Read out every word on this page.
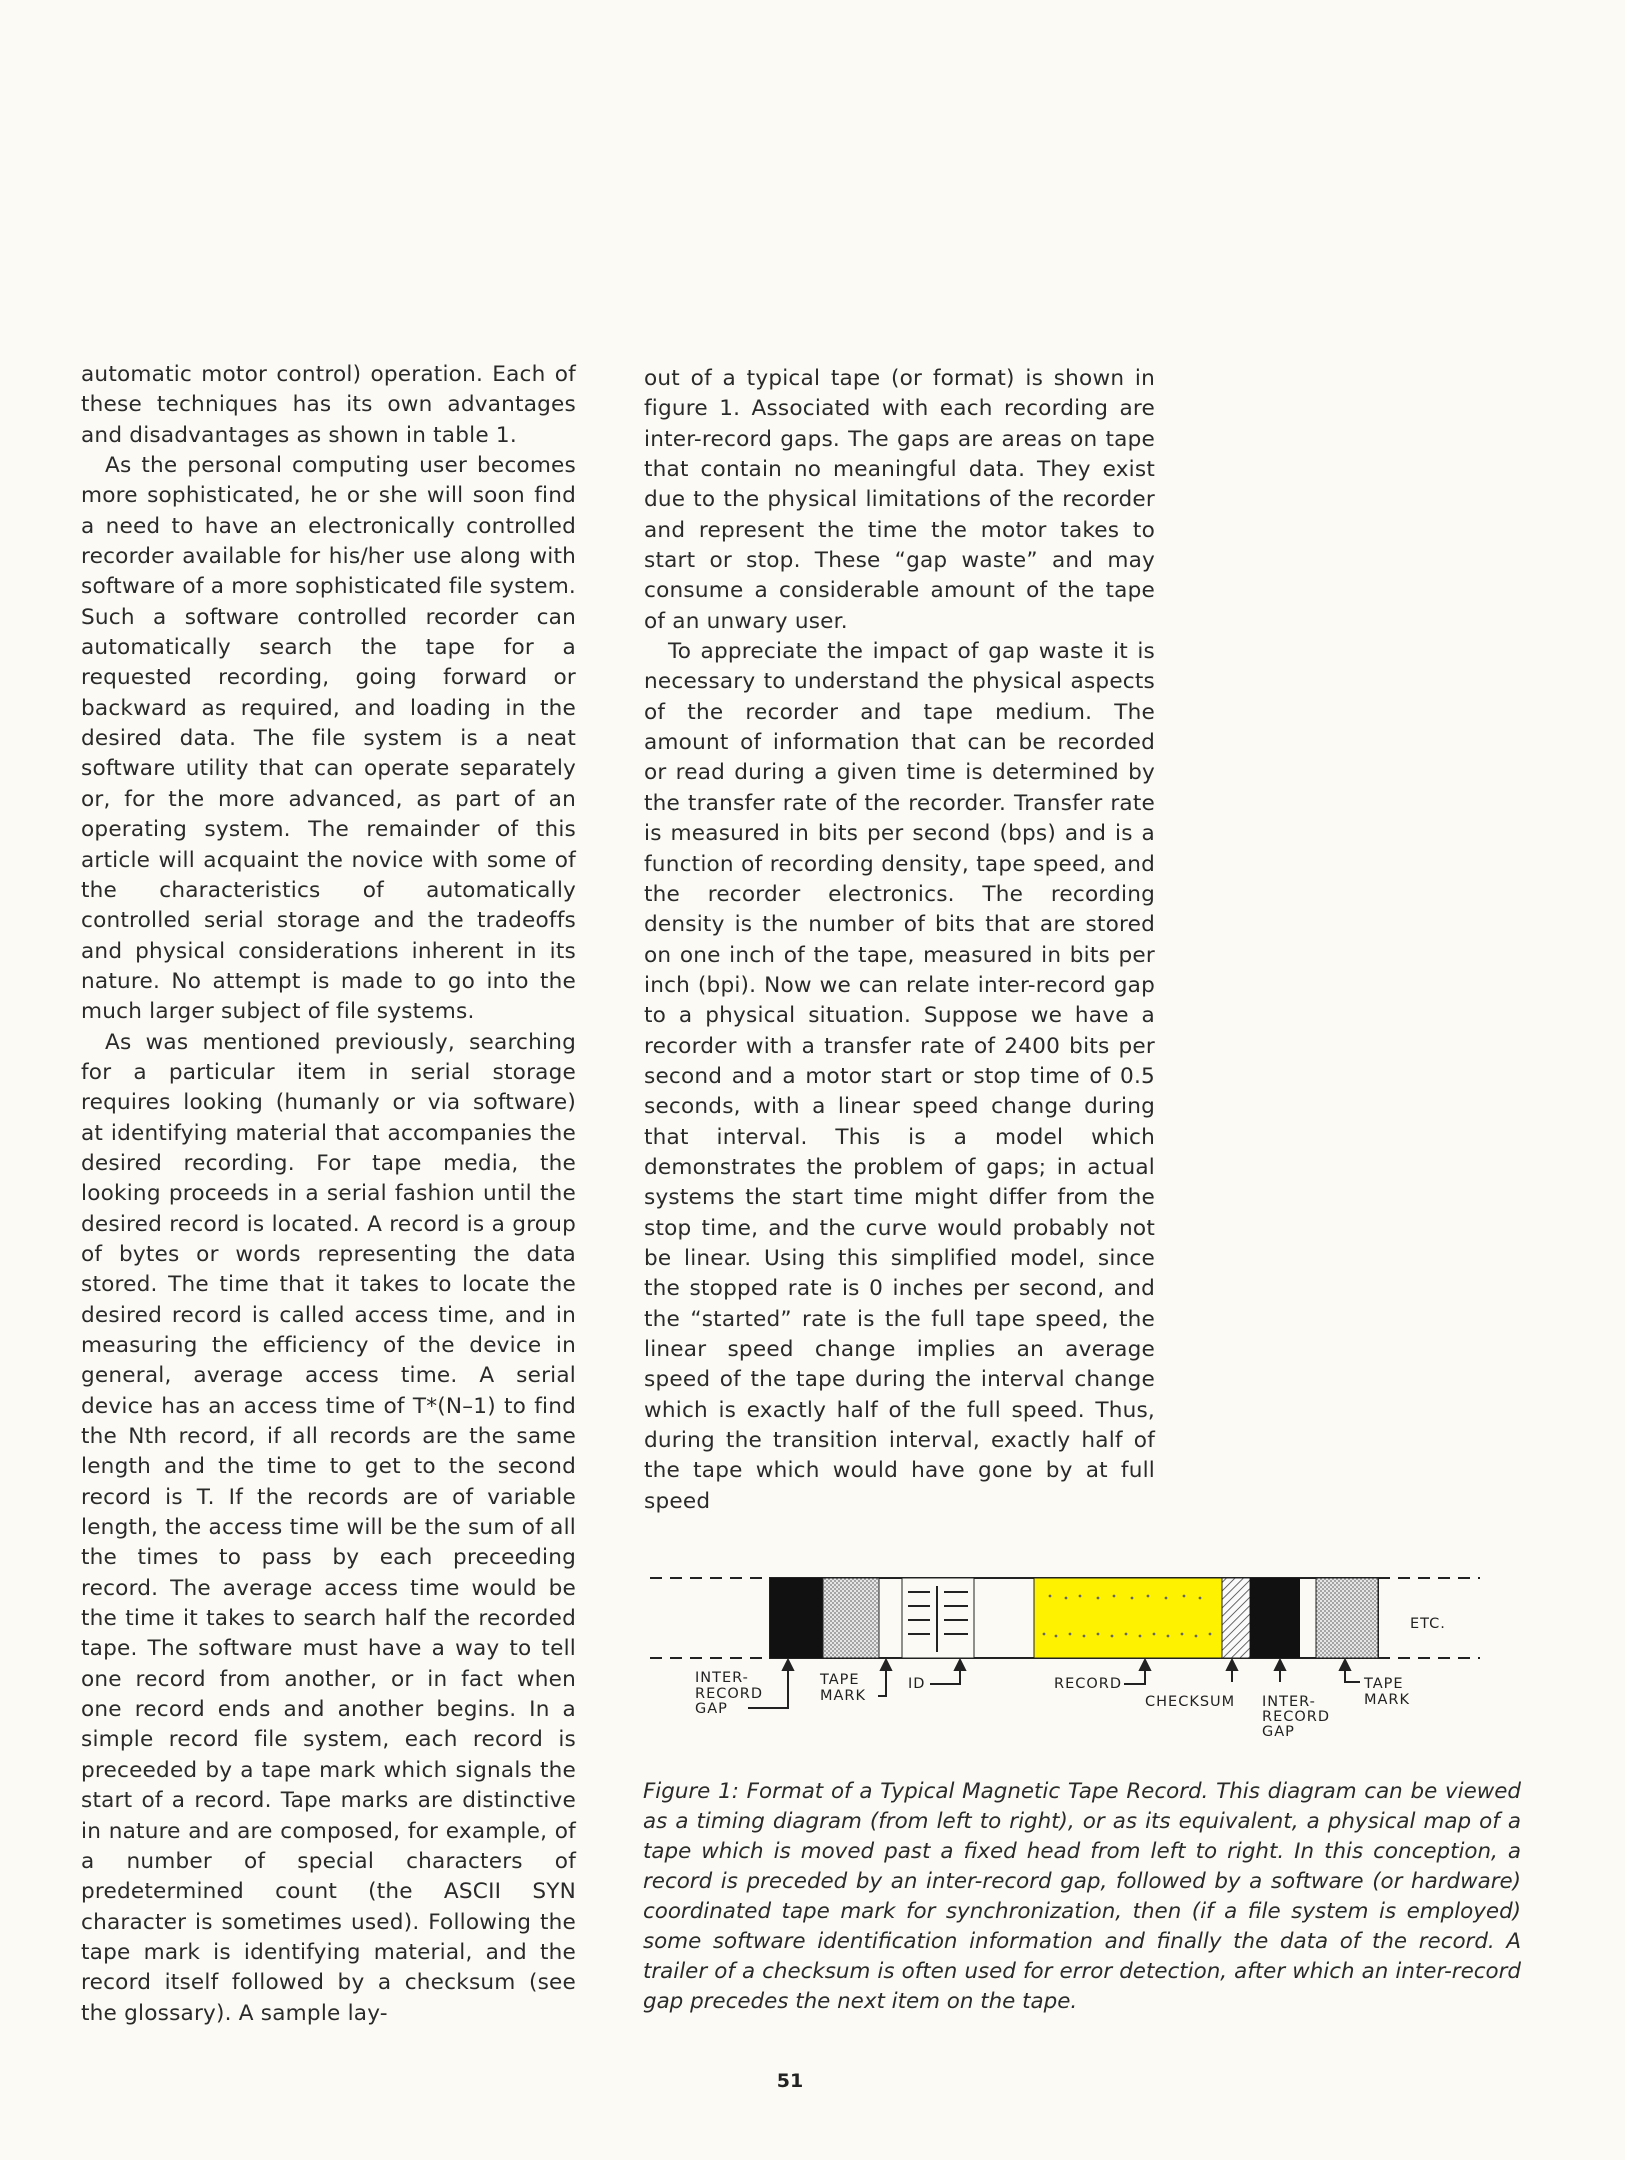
automatic motor control) operation. Each of these techniques has its own advantages and disadvantages as shown in table 1.

As the personal computing user becomes more sophisticated, he or she will soon find a need to have an electronically controlled recorder available for his/her use along with software of a more sophisticated file system. Such a software controlled recorder can automatically search the tape for a requested recording, going forward or backward as required, and loading in the desired data. The file system is a neat software utility that can operate separately or, for the more advanced, as part of an operating system. The remainder of this article will acquaint the novice with some of the characteristics of automatically controlled serial storage and the tradeoffs and physical considerations inherent in its nature. No attempt is made to go into the much larger subject of file systems.

As was mentioned previously, searching for a particular item in serial storage requires looking (humanly or via software) at identifying material that accompanies the desired recording. For tape media, the looking proceeds in a serial fashion until the desired record is located. A record is a group of bytes or words representing the data stored. The time that it takes to locate the desired record is called access time, and in measuring the efficiency of the device in general, average access time. A serial device has an access time of T*(N–1) to find the Nth record, if all records are the same length and the time to get to the second record is T. If the records are of variable length, the access time will be the sum of all the times to pass by each preceeding record. The average access time would be the time it takes to search half the recorded tape. The software must have a way to tell one record from another, or in fact when one record ends and another begins. In a simple record file system, each record is preceeded by a tape mark which signals the start of a record. Tape marks are distinctive in nature and are composed, for example, of a number of special characters of predetermined count (the ASCII SYN character is sometimes used). Following the tape mark is identifying material, and the record itself followed by a checksum (see the glossary). A sample lay-

out of a typical tape (or format) is shown in figure 1. Associated with each recording are inter-record gaps. The gaps are areas on tape that contain no meaningful data. They exist due to the physical limitations of the recorder and represent the time the motor takes to start or stop. These “gap waste” and may consume a considerable amount of the tape of an unwary user.

To appreciate the impact of gap waste it is necessary to understand the physical aspects of the recorder and tape medium. The amount of information that can be recorded or read during a given time is determined by the transfer rate of the recorder. Transfer rate is measured in bits per second (bps) and is a function of recording density, tape speed, and the recorder electronics. The recording density is the number of bits that are stored on one inch of the tape, measured in bits per inch (bpi). Now we can relate inter-record gap to a physical situation. Suppose we have a recorder with a transfer rate of 2400 bits per second and a motor start or stop time of 0.5 seconds, with a linear speed change during that interval. This is a model which demonstrates the problem of gaps; in actual systems the start time might differ from the stop time, and the curve would probably not be linear. Using this simplified model, since the stopped rate is 0 inches per second, and the “started” rate is the full tape speed, the linear speed change implies an average speed of the tape during the interval change which is exactly half of the full speed. Thus, during the transition interval, exactly half of the tape which would have gone by at full speed

ETC.
INTER-
RECORD
GAP
TAPE
MARK
ID	RECORD
CHECKSUM INTER-
RECORD
GAP
TAPE
MARK
Figure 1: Format of a Typical Magnetic Tape Record. This diagram can be viewed as a timing diagram (from left to right), or as its equivalent, a physical map of a tape which is moved past a fixed head from left to right. In this conception, a record is preceded by an inter-record gap, followed by a software (or hardware) coordinated tape mark for synchronization, then (if a file system is employed) some software identification information and finally the data of the record. A trailer of a checksum is often used for error detection, after which an inter-record gap precedes the next item on the tape.
51
